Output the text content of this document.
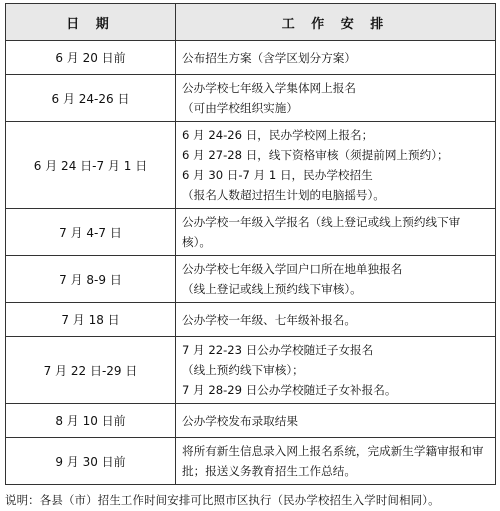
日 期	工 作 安 排
6 月 20 日前	公布招生方案（含学区划分方案）

6 月 24-26 日	公办学校七年级入学集体网上报名
（可由学校组织实施）

6 月 24 日-7 月 1 日	6 月 24-26 日，民办学校网上报名；
6 月 27-28 日，线下资格审核（须提前网上预约）；
6 月 30 日-7 月 1 日，民办学校招生
（报名人数超过招生计划的电脑摇号）。

7 月 4-7 日	公办学校一年级入学报名（线上登记或线上预约线下审核）。

7 月 8-9 日	公办学校七年级入学回户口所在地单独报名
（线上登记或线上预约线下审核）。

7 月 18 日	公办学校一年级、七年级补报名。

7 月 22 日-29 日	7 月 22-23 日公办学校随迁子女报名
（线上预约线下审核）；
7 月 28-29 日公办学校随迁子女补报名。

8 月 10 日前	公办学校发布录取结果

9 月 30 日前	将所有新生信息录入网上报名系统，完成新生学籍审报和审批；报送义务教育招生工作总结。
说明：各县（市）招生工作时间安排可比照市区执行（民办学校招生入学时间相同）。
